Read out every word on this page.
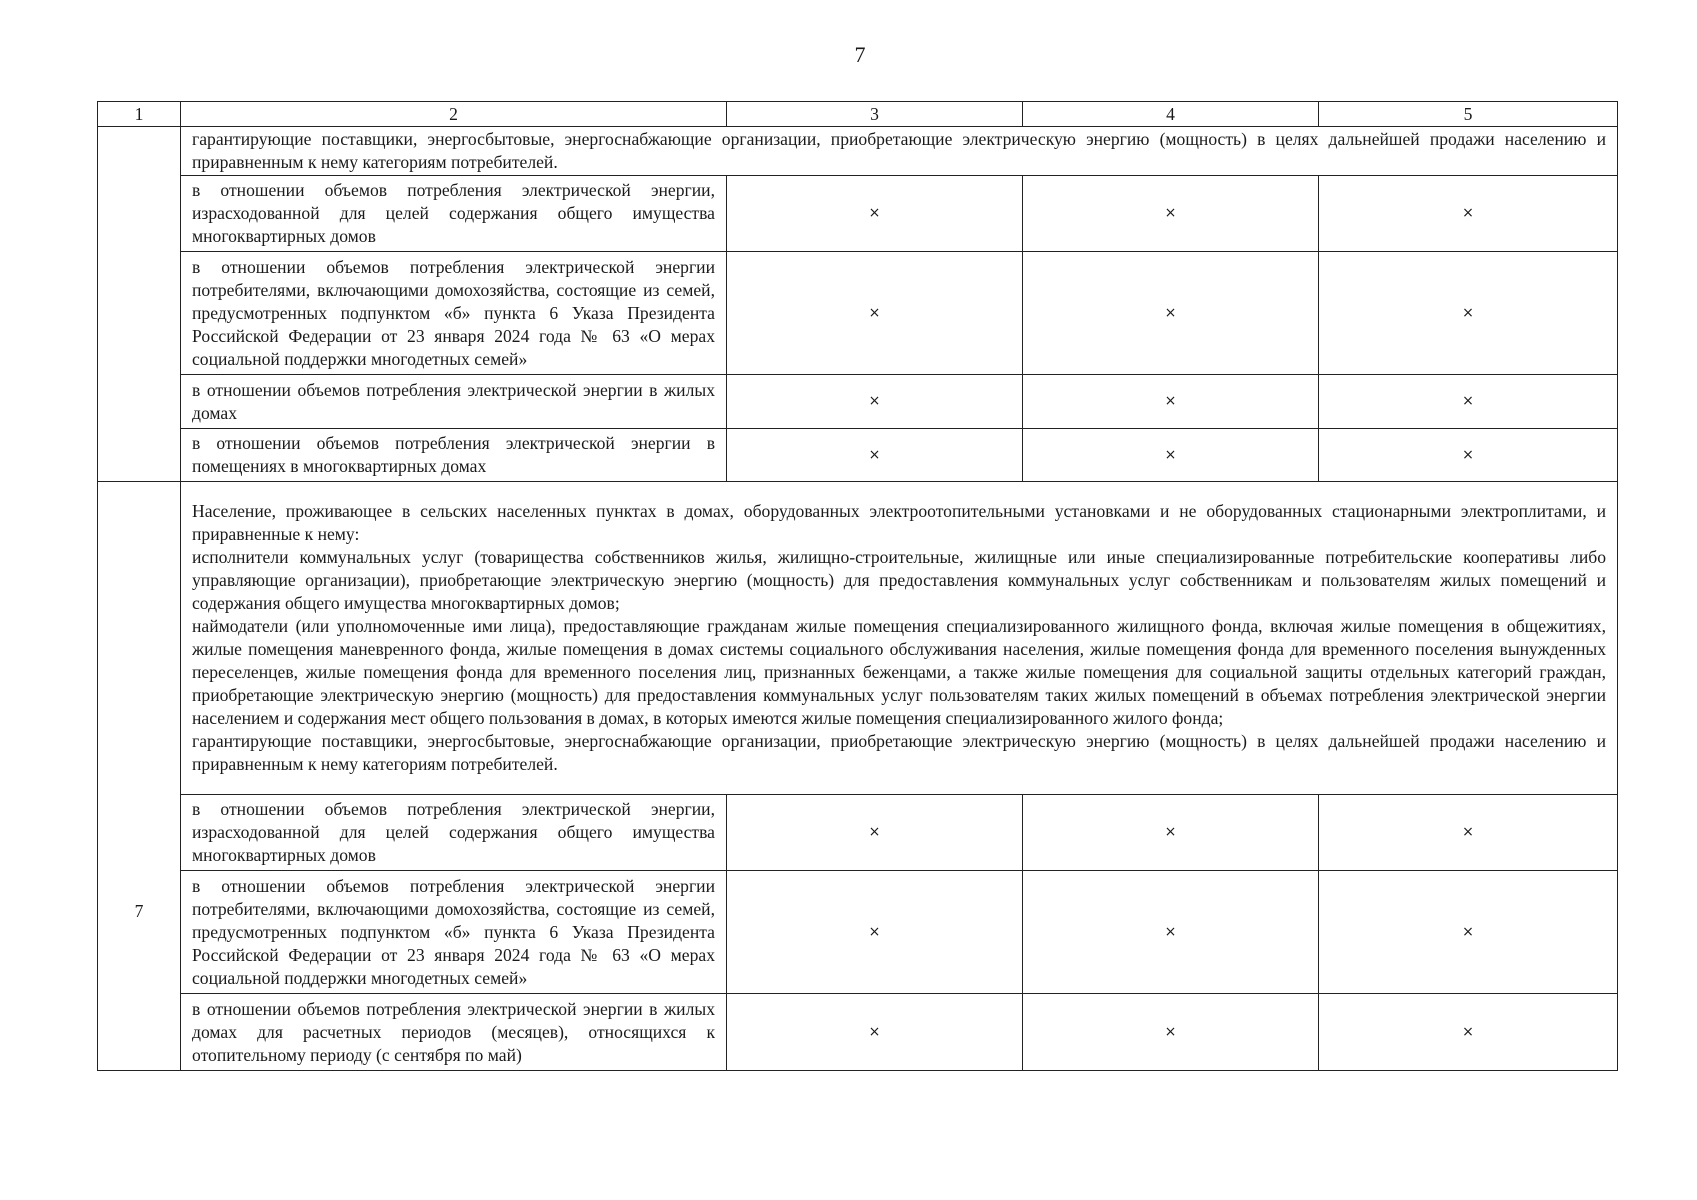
7
1	2	3	4	5
	гарантирующие поставщики, энергосбытовые, энергоснабжающие организации, приобретающие электрическую энергию (мощность) в целях дальнейшей продажи населению и приравненным к нему категориям потребителей.			
	в отношении объемов потребления электрической энергии, израсходованной для целей содержания общего имущества многоквартирных домов	×	×	×
	в отношении объемов потребления электрической энергии потребителями, включающими домохозяйства, состоящие из семей, предусмотренных подпунктом «б» пункта 6 Указа Президента Российской Федерации от 23 января 2024 года № 63 «О мерах социальной поддержки многодетных семей»	×	×	×
	в отношении объемов потребления электрической энергии в жилых домах	×	×	×
	в отношении объемов потребления электрической энергии в помещениях в многоквартирных домах	×	×	×

7	Население, проживающее в сельских населенных пунктах в домах, оборудованных электроотопительными установками и не оборудованных стационарными электроплитами, и приравненные к нему:

исполнители коммунальных услуг (товарищества собственников жилья, жилищно-строительные, жилищные или иные специализированные потребительские кооперативы либо управляющие организации), приобретающие электрическую энергию (мощность) для предоставления коммунальных услуг собственникам и пользователям жилых помещений и содержания общего имущества многоквартирных домов;

наймодатели (или уполномоченные ими лица), предоставляющие гражданам жилые помещения специализированного жилищного фонда, включая жилые помещения в общежитиях, жилые помещения маневренного фонда, жилые помещения в домах системы социального обслуживания населения, жилые помещения фонда для временного поселения вынужденных переселенцев, жилые помещения фонда для временного поселения лиц, признанных беженцами, а также жилые помещения для социальной защиты отдельных категорий граждан, приобретающие электрическую энергию (мощность) для предоставления коммунальных услуг пользователям таких жилых помещений в объемах потребления электрической энергии населением и содержания мест общего пользования в домах, в которых имеются жилые помещения специализированного жилого фонда;

гарантирующие поставщики, энергосбытовые, энергоснабжающие организации, приобретающие электрическую энергию (мощность) в целях дальнейшей продажи населению и приравненным к нему категориям потребителей.			

	в отношении объемов потребления электрической энергии, израсходованной для целей содержания общего имущества многоквартирных домов	×	×	×
	в отношении объемов потребления электрической энергии потребителями, включающими домохозяйства, состоящие из семей, предусмотренных подпунктом «б» пункта 6 Указа Президента Российской Федерации от 23 января 2024 года № 63 «О мерах социальной поддержки многодетных семей»	×	×	×
	в отношении объемов потребления электрической энергии в жилых домах для расчетных периодов (месяцев), относящихся к отопительному периоду (с сентября по май)	×	×	×
